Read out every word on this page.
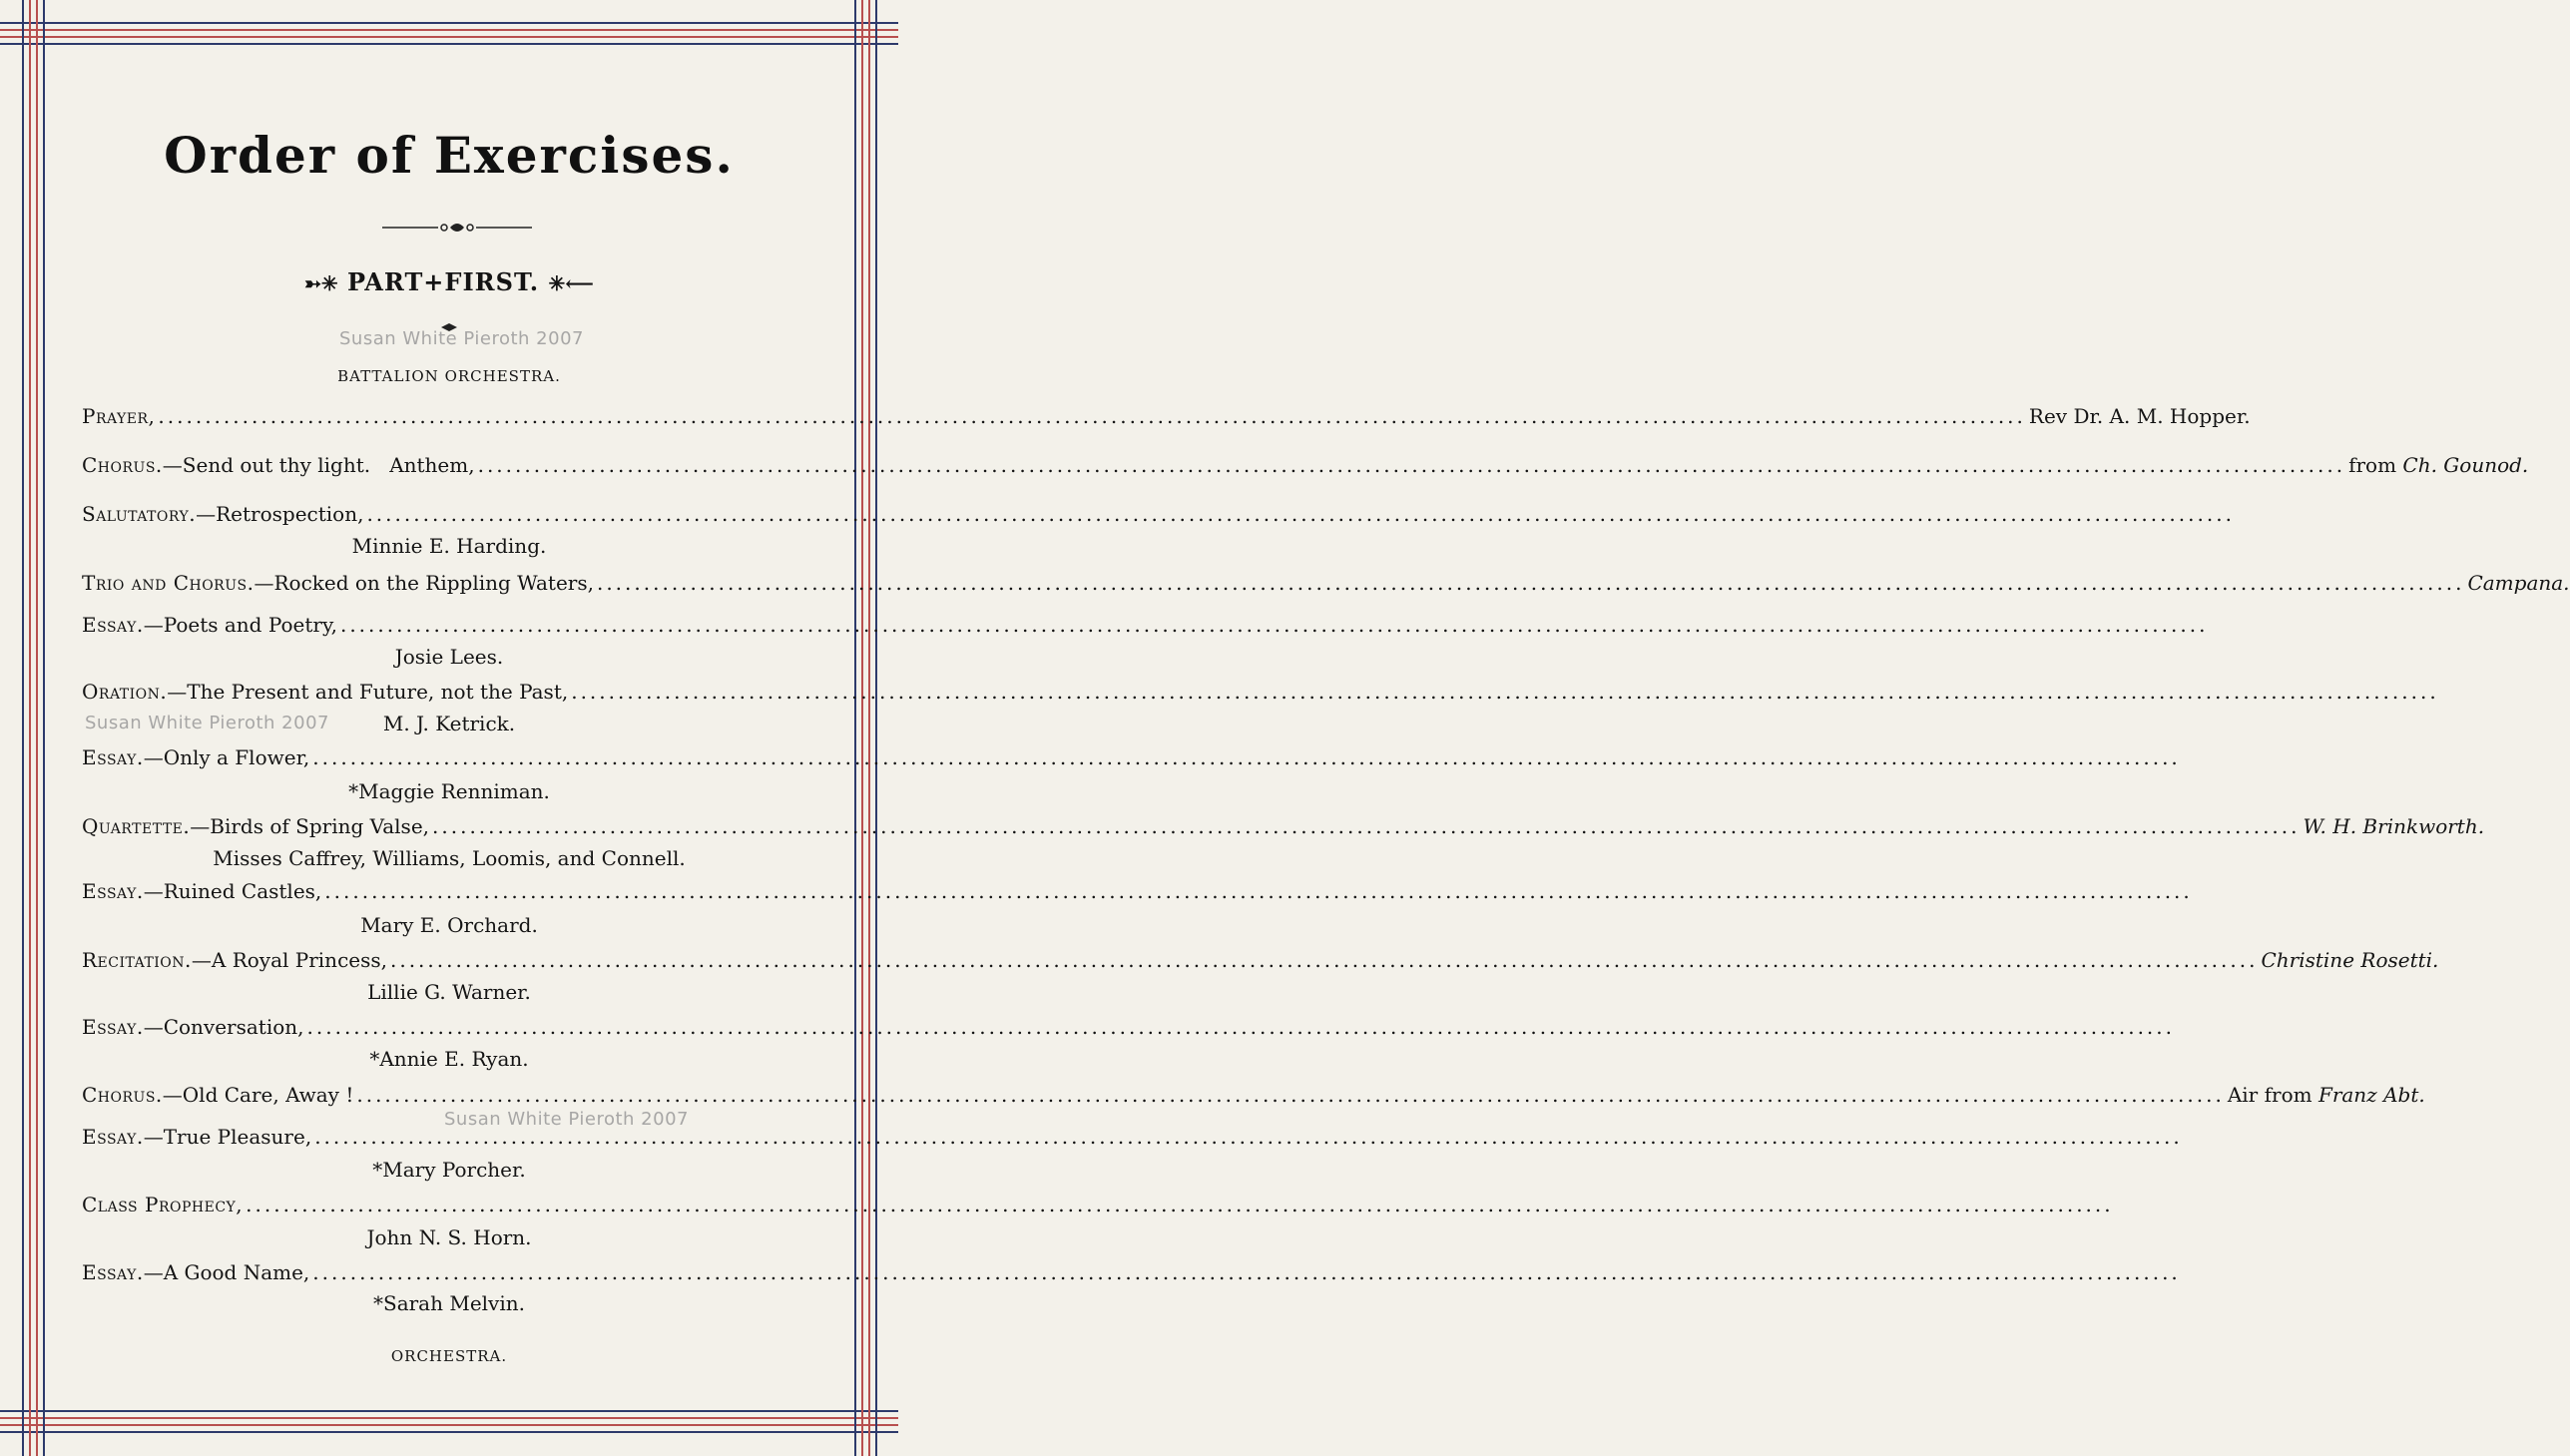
Order of Exercises.
➳✳ PART+FIRST. ✳⟵
Susan White Pieroth 2007
Susan White Pieroth 2007
Susan White Pieroth 2007
BATTALION ORCHESTRA.
Prayer, ........................................................................................................................................................................................................ Rev Dr. A. M. Hopper.
Chorus. —Send out thy light.   Anthem, ........................................................................................................................................................................................................ from Ch. Gounod.
Salutatory. —Retrospection, ........................................................................................................................................................................................................
Trio and Chorus. —Rocked on the Rippling Waters, ........................................................................................................................................................................................................ Campana.
Essay. —Poets and Poetry, ........................................................................................................................................................................................................
Oration. —The Present and Future, not the Past, ........................................................................................................................................................................................................
Essay. —Only a Flower, ........................................................................................................................................................................................................
Quartette. —Birds of Spring Valse, ........................................................................................................................................................................................................ W. H. Brinkworth.
Essay. —Ruined Castles, ........................................................................................................................................................................................................
Recitation. —A Royal Princess, ........................................................................................................................................................................................................ Christine Rosetti.
Essay. —Conversation, ........................................................................................................................................................................................................
Chorus. —Old Care, Away ! ........................................................................................................................................................................................................ Air from Franz Abt.
Essay. —True Pleasure, ........................................................................................................................................................................................................
Class Prophecy, ........................................................................................................................................................................................................
Essay. —A Good Name, ........................................................................................................................................................................................................
Minnie E. Harding.
Josie Lees.
M. J. Ketrick.
*Maggie Renniman.
Misses Caffrey, Williams, Loomis, and Connell.
Mary E. Orchard.
Lillie G. Warner.
*Annie E. Ryan.
*Mary Porcher.
John N. S. Horn.
*Sarah Melvin.
ORCHESTRA.
